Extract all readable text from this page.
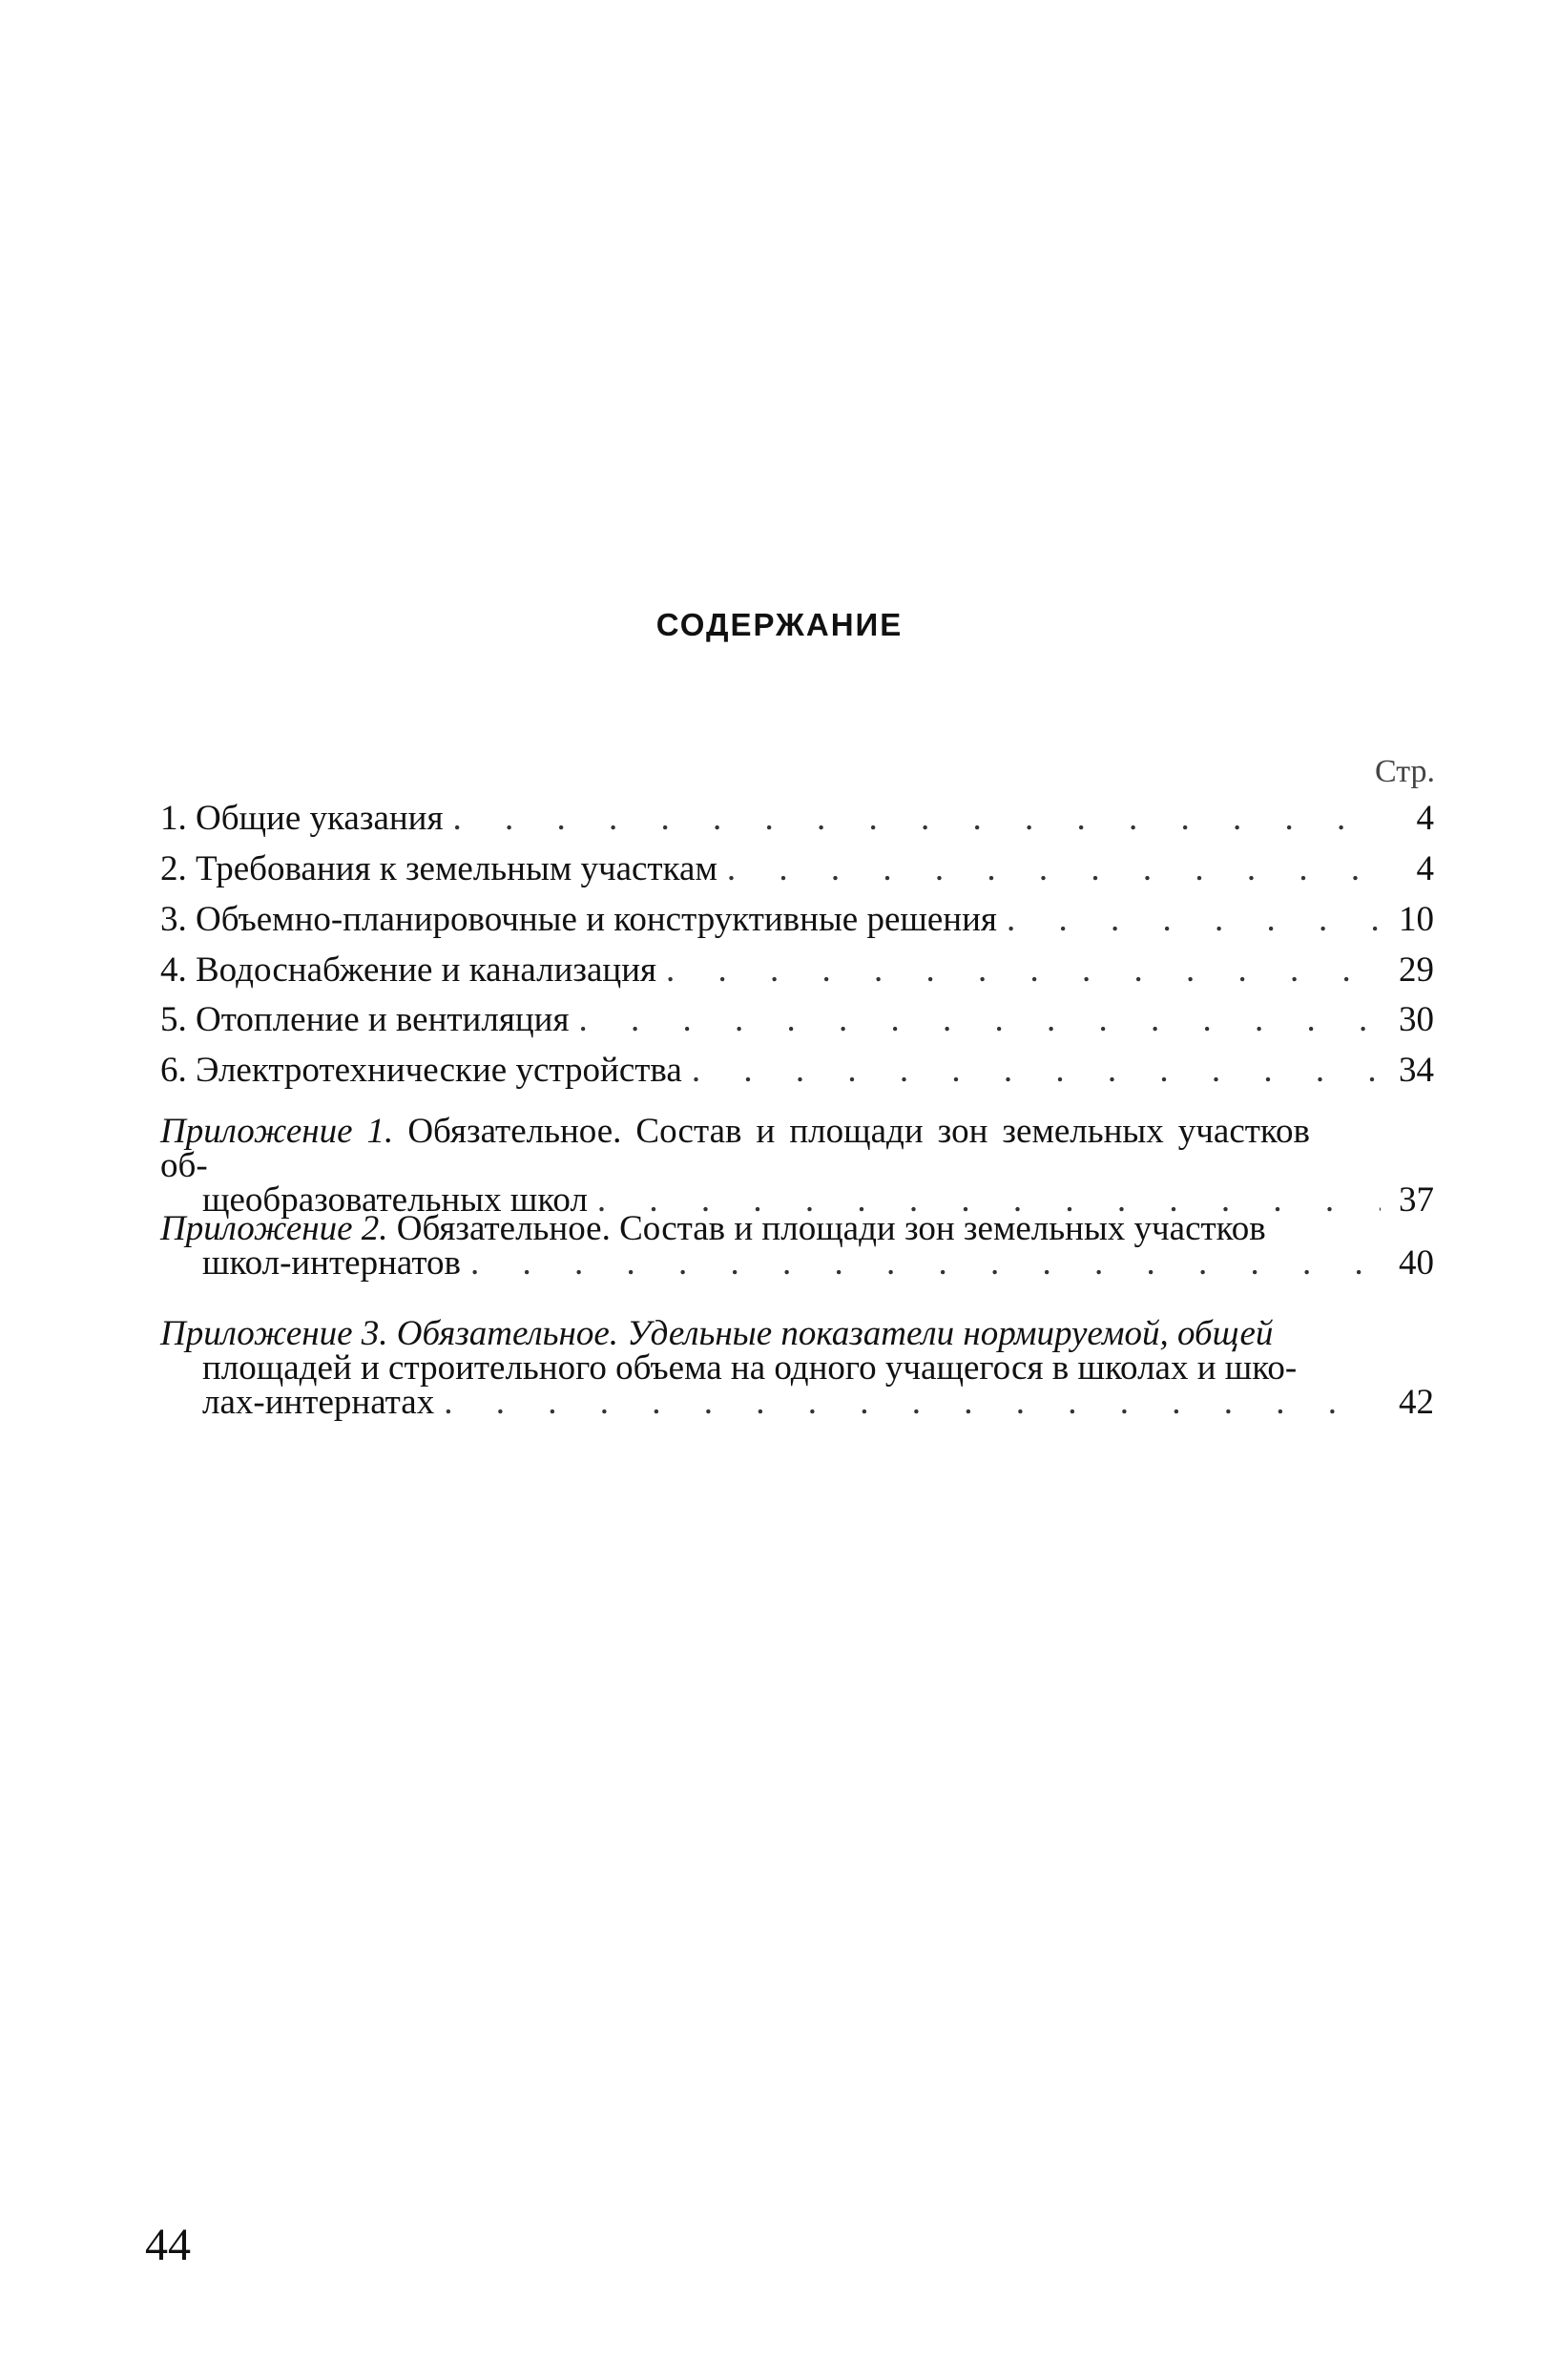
СОДЕРЖАНИЕ
Стр.
1. Общие указания . . .	4
2. Требования к земельным участкам . . .	4
3. Объемно-планировочные и конструктивные решения . . .	10
4. Водоснабжение и канализация . . .	29
5. Отопление и вентиляция . . .	30
6. Электротехнические устройства . . .	34
Приложение 1. Обязательное. Состав и площади зон земельных участков об-
щеобразовательных школ . . .	37
Приложение 2. Обязательное. Состав и площади зон земельных участков
школ-интернатов . . .	40
Приложение 3. Обязательное. Удельные показатели нормируемой, общей
площадей и строительного объема на одного учащегося в школах и шко-
лах-интернатах . . .	42
44
